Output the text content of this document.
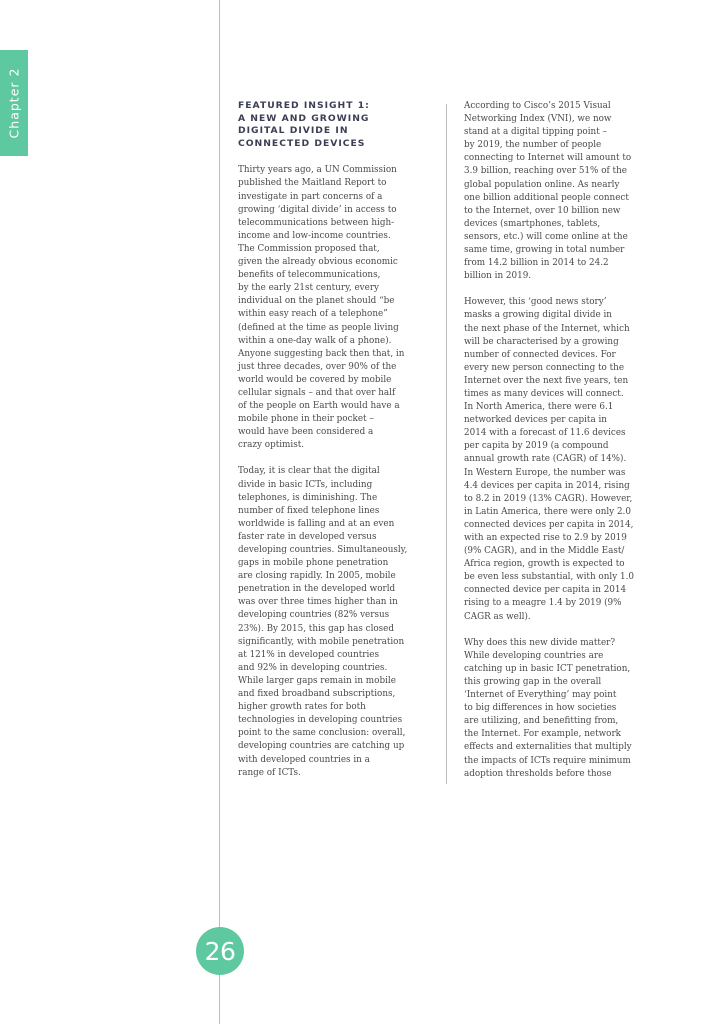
Chapter 2	FEATURED INSIGHT 1:
A NEW AND GROWING
DIGITAL DIVIDE IN
CONNECTED DEVICES

Thirty years ago, a UN Commission
published the Maitland Report to
investigate in part concerns of a
growing ‘digital divide’ in access to
telecommunications between high-
income and low-income countries.
The Commission proposed that,
given the already obvious economic
benefits of telecommunications,
by the early 21st century, every
individual on the planet should “be
within easy reach of a telephone”
(defined at the time as people living
within a one-day walk of a phone).
Anyone suggesting back then that, in
just three decades, over 90% of the
world would be covered by mobile
cellular signals – and that over half
of the people on Earth would have a
mobile phone in their pocket –
would have been considered a
crazy optimist.

Today, it is clear that the digital
divide in basic ICTs, including
telephones, is diminishing. The
number of fixed telephone lines
worldwide is falling and at an even
faster rate in developed versus
developing countries. Simultaneously,
gaps in mobile phone penetration
are closing rapidly. In 2005, mobile
penetration in the developed world
was over three times higher than in
developing countries (82% versus
23%). By 2015, this gap has closed
significantly, with mobile penetration
at 121% in developed countries
and 92% in developing countries.
While larger gaps remain in mobile
and fixed broadband subscriptions,
higher growth rates for both
technologies in developing countries
point to the same conclusion: overall,
developing countries are catching up
with developed countries in a
range of ICTs.

According to Cisco’s 2015 Visual
Networking Index (VNI), we now
stand at a digital tipping point –
by 2019, the number of people
connecting to Internet will amount to
3.9 billion, reaching over 51% of the
global population online. As nearly
one billion additional people connect
to the Internet, over 10 billion new
devices (smartphones, tablets,
sensors, etc.) will come online at the
same time, growing in total number
from 14.2 billion in 2014 to 24.2
billion in 2019.

However, this ‘good news story’
masks a growing digital divide in
the next phase of the Internet, which
will be characterised by a growing
number of connected devices. For
every new person connecting to the
Internet over the next five years, ten
times as many devices will connect.
In North America, there were 6.1
networked devices per capita in
2014 with a forecast of 11.6 devices
per capita by 2019 (a compound
annual growth rate (CAGR) of 14%).
In Western Europe, the number was
4.4 devices per capita in 2014, rising
to 8.2 in 2019 (13% CAGR). However,
in Latin America, there were only 2.0
connected devices per capita in 2014,
with an expected rise to 2.9 by 2019
(9% CAGR), and in the Middle East/
Africa region, growth is expected to
be even less substantial, with only 1.0
connected device per capita in 2014
rising to a meagre 1.4 by 2019 (9%
CAGR as well).

Why does this new divide matter?
While developing countries are
catching up in basic ICT penetration,
this growing gap in the overall
‘Internet of Everything’ may point
to big differences in how societies
are utilizing, and benefitting from,
the Internet. For example, network
effects and externalities that multiply
the impacts of ICTs require minimum
adoption thresholds before those

26
